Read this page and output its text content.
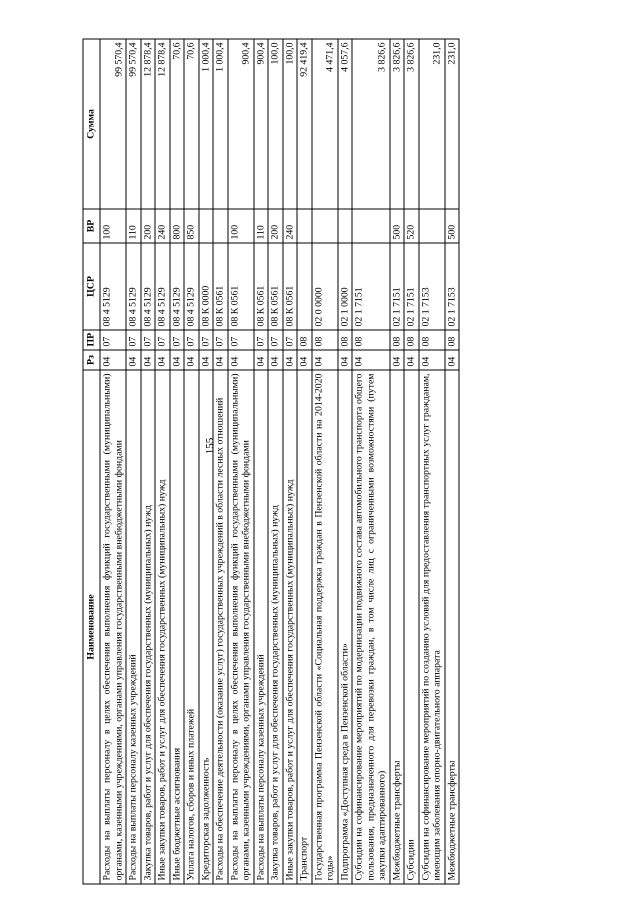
155
Наименование	Рз	ПР	ЦСР	ВР	Сумма
Расходы на выплаты персоналу в целях обеспечения выполнения функций государственными (муниципальными) органами, казенными учреждениями, органами управления государственными внебюджетными фондами	04	07	08 4 5129	100	99 570,4
Расходы на выплаты персоналу казенных учреждений	04	07	08 4 5129	110	99 570,4
Закупка товаров, работ и услуг для обеспечения государственных (муниципальных) нужд	04	07	08 4 5129	200	12 878,4
Иные закупки товаров, работ и услуг для обеспечения государственных (муниципальных) нужд	04	07	08 4 5129	240	12 878,4
Иные бюджетные ассигнования	04	07	08 4 5129	800	70,6
Уплата налогов, сборов и иных платежей	04	07	08 4 5129	850	70,6
Кредиторская задолженность	04	07	08 К 0000		1 000,4
Расходы на обеспечение деятельности (оказание услуг) государственных учреждений в области лесных отношений	04	07	08 К 0561		1 000,4
Расходы на выплаты персоналу в целях обеспечения выполнения функций государственными (муниципальными) органами, казенными учреждениями, органами управления государственными внебюджетными фондами	04	07	08 К 0561	100	900,4
Расходы на выплаты персоналу казенных учреждений	04	07	08 К 0561	110	900,4
Закупка товаров, работ и услуг для обеспечения государственных (муниципальных) нужд	04	07	08 К 0561	200	100,0
Иные закупки товаров, работ и услуг для обеспечения государственных (муниципальных) нужд	04	07	08 К 0561	240	100,0
Транспорт	04	08			92 419,4
Государственная программа Пензенской области «Социальная поддержка граждан в Пензенской области на 2014-2020 годы»	04	08	02 0 0000		4 471,4
Подпрограмма «Доступная среда в Пензенской области»	04	08	02 1 0000		4 057,6
Субсидии на софинансирование мероприятий по модернизации подвижного состава автомобильного транспорта общего пользования, предназначенного для перевозки граждан, в том числе лиц с ограниченными возможностями (путем закупки адаптированного)	04	08	02 1 7151		3 826,6
Межбюджетные трансферты	04	08	02 1 7151	500	3 826,6
Субсидии	04	08	02 1 7151	520	3 826,6
Субсидии на софинансирование мероприятий по созданию условий для предоставления транспортных услуг гражданам, имеющим заболевания опорно-двигательного аппарата	04	08	02 1 7153		231,0
Межбюджетные трансферты	04	08	02 1 7153	500	231,0
